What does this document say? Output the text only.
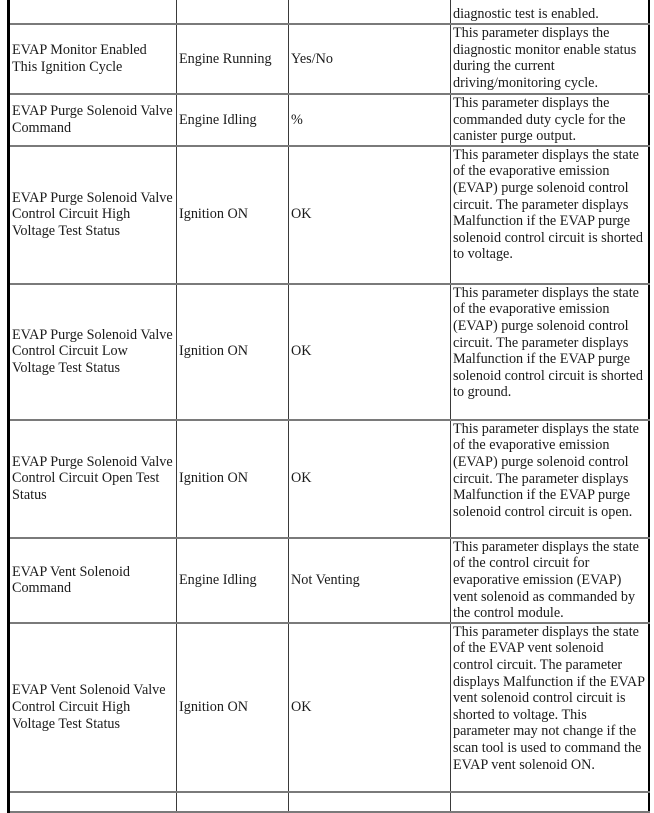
			diagnostic test is enabled.
EVAP Monitor Enabled This Ignition Cycle	Engine Running	Yes/No	This parameter displays the diagnostic monitor enable status during the current driving/monitoring cycle.
EVAP Purge Solenoid Valve Command	Engine Idling	%	This parameter displays the commanded duty cycle for the canister purge output.
EVAP Purge Solenoid Valve Control Circuit High Voltage Test Status	Ignition ON	OK	This parameter displays the state of the evaporative emission (EVAP) purge solenoid control circuit. The parameter displays Malfunction if the EVAP purge solenoid control circuit is shorted to voltage.
EVAP Purge Solenoid Valve Control Circuit Low Voltage Test Status	Ignition ON	OK	This parameter displays the state of the evaporative emission (EVAP) purge solenoid control circuit. The parameter displays Malfunction if the EVAP purge solenoid control circuit is shorted to ground.
EVAP Purge Solenoid Valve Control Circuit Open Test Status	Ignition ON	OK	This parameter displays the state of the evaporative emission (EVAP) purge solenoid control circuit. The parameter displays Malfunction if the EVAP purge solenoid control circuit is open.
EVAP Vent Solenoid Command	Engine Idling	Not Venting	This parameter displays the state of the control circuit for evaporative emission (EVAP) vent solenoid as commanded by the control module.
EVAP Vent Solenoid Valve Control Circuit High Voltage Test Status	Ignition ON	OK	This parameter displays the state of the EVAP vent solenoid control circuit. The parameter displays Malfunction if the EVAP vent solenoid control circuit is shorted to voltage. This parameter may not change if the scan tool is used to command the EVAP vent solenoid ON.
